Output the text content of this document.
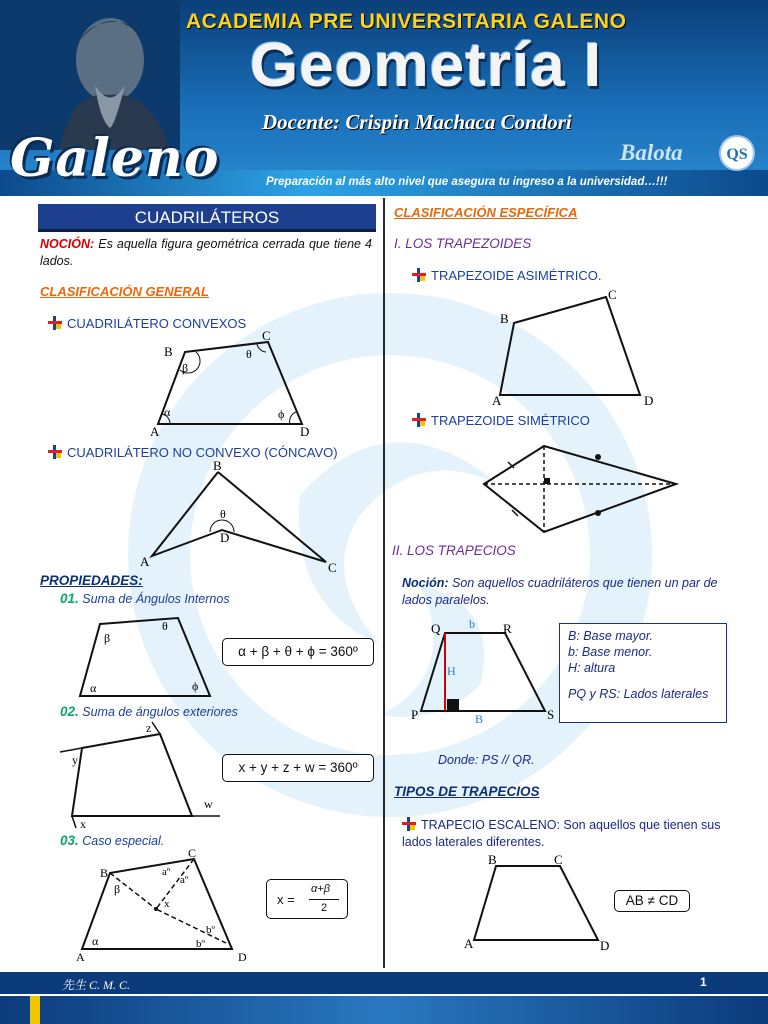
ACADEMIA PRE UNIVERSITARIA GALENO
Geometría I
Docente: Crispin Machaca Condori
Galeno	Balota	QS
Preparación al más alto nivel que asegura tu ingreso a la universidad…!!!
CUADRILÁTEROS
NOCIÓN: Es aquella figura geométrica cerrada que tiene 4 lados.
CLASIFICACIÓN GENERAL
CUADRILÁTERO CONVEXOS
B
C
A	D
β
θ
α	ϕ
CUADRILÁTERO NO CONVEXO (CÓNCAVO)
B
A	C
D
θ
PROPIEDADES:
01. Suma de Ángulos Internos
β
θ
α	ϕ
α + β + θ + ϕ = 360º
02. Suma de ángulos exteriores
z
y
x
w
x + y + z + w = 360º
03. Caso especial.
B
C
A	D
β
α
aº
aº
x
bº
bº
x =
α+β
2
CLASIFICACIÓN ESPECÍFICA
I. LOS TRAPEZOIDES
TRAPEZOIDE ASIMÉTRICO.
B
C
A	D
TRAPEZOIDE SIMÉTRICO
II. LOS TRAPECIOS
Noción: Son aquellos cuadriláteros que tienen un par de lados paralelos.
Q b R
H
P	B	S
B: Base mayor.
b: Base menor.
H: altura
PQ y RS: Lados laterales
Donde: PS // QR.
TIPOS DE TRAPECIOS
TRAPECIO ESCALENO: Son aquellos que tienen sus lados laterales diferentes.
B	C
A	D
AB ≠ CD
先生 C. M. C.	1
